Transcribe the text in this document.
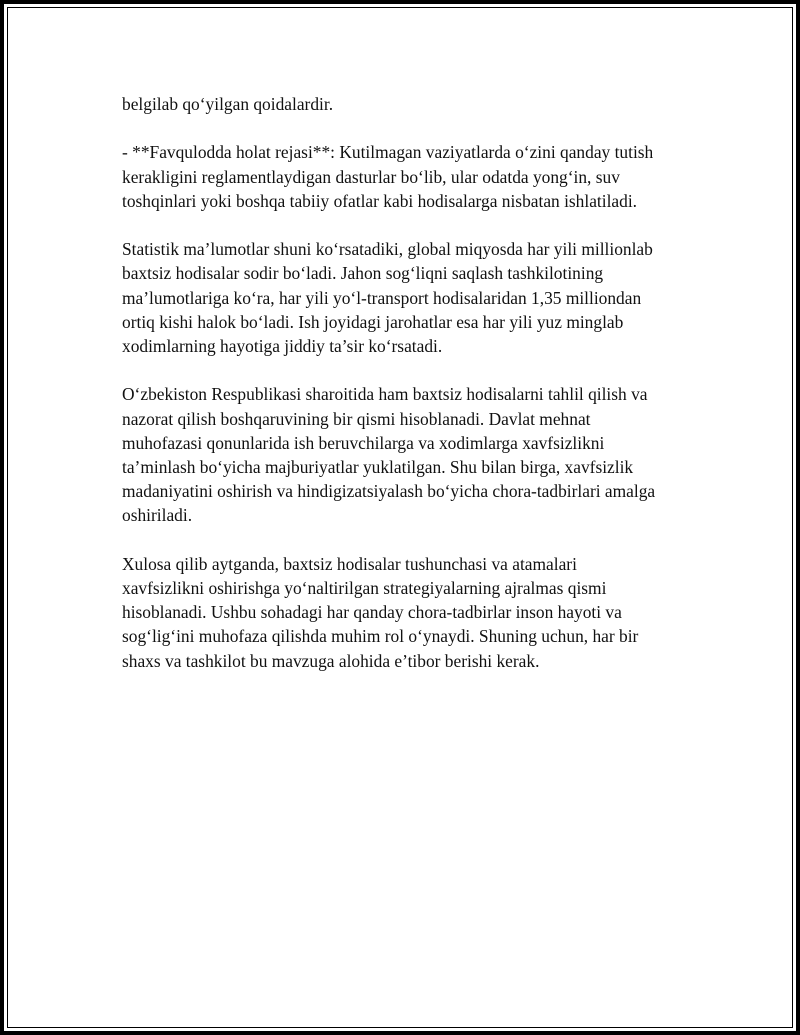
belgilab qo‘yilgan qoidalardir.

- **Favqulodda holat rejasi**: Kutilmagan vaziyatlarda o‘zini qanday tutish
kerakligini reglamentlaydigan dasturlar bo‘lib, ular odatda yong‘in, suv
toshqinlari yoki boshqa tabiiy ofatlar kabi hodisalarga nisbatan ishlatiladi.

Statistik ma’lumotlar shuni ko‘rsatadiki, global miqyosda har yili millionlab
baxtsiz hodisalar sodir bo‘ladi. Jahon sog‘liqni saqlash tashkilotining
ma’lumotlariga ko‘ra, har yili yo‘l-transport hodisalaridan 1,35 milliondan
ortiq kishi halok bo‘ladi. Ish joyidagi jarohatlar esa har yili yuz minglab
xodimlarning hayotiga jiddiy ta’sir ko‘rsatadi.

O‘zbekiston Respublikasi sharoitida ham baxtsiz hodisalarni tahlil qilish va
nazorat qilish boshqaruvining bir qismi hisoblanadi. Davlat mehnat
muhofazasi qonunlarida ish beruvchilarga va xodimlarga xavfsizlikni
ta’minlash bo‘yicha majburiyatlar yuklatilgan. Shu bilan birga, xavfsizlik
madaniyatini oshirish va hindigizatsiyalash bo‘yicha chora-tadbirlari amalga
oshiriladi.

Xulosa qilib aytganda, baxtsiz hodisalar tushunchasi va atamalari
xavfsizlikni oshirishga yo‘naltirilgan strategiyalarning ajralmas qismi
hisoblanadi. Ushbu sohadagi har qanday chora-tadbirlar inson hayoti va
sog‘lig‘ini muhofaza qilishda muhim rol o‘ynaydi. Shuning uchun, har bir
shaxs va tashkilot bu mavzuga alohida e’tibor berishi kerak.
